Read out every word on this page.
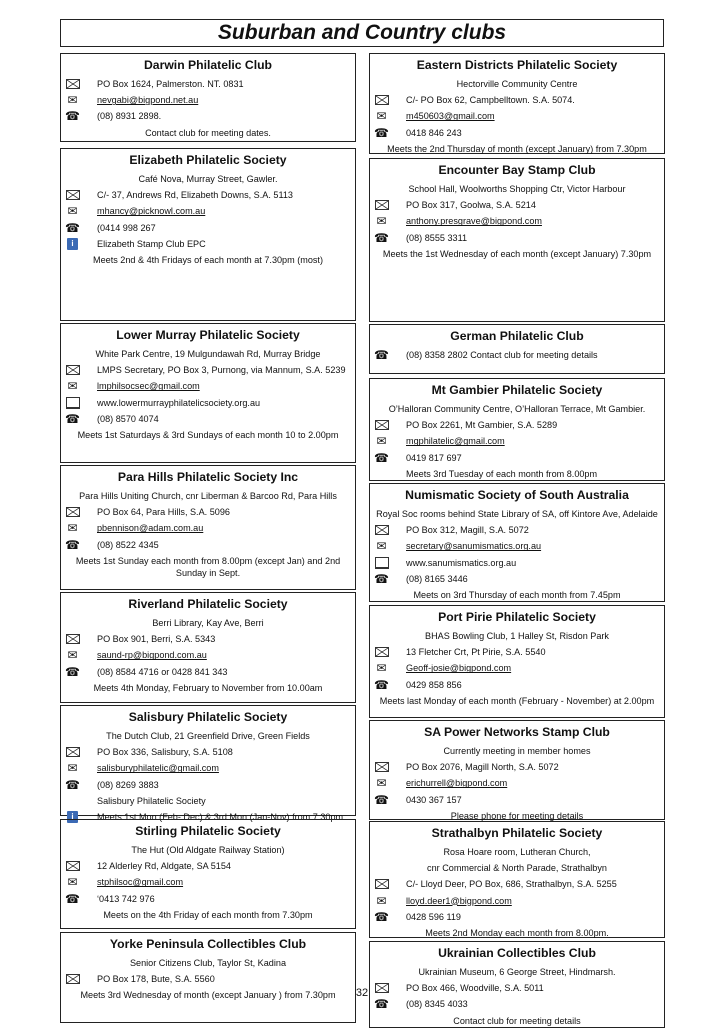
Suburban and Country clubs
Darwin Philatelic Club
PO Box 1624, Palmerston. NT. 0831
✉ nevgabi@bigpond.net.au
☎ (08) 8931 2898.
Contact club for meeting dates.
Elizabeth Philatelic Society
Café Nova, Murray Street, Gawler.
C/- 37, Andrews Rd, Elizabeth Downs, S.A. 5113
✉ mhancy@picknowl.com.au
☎ (0414 998 267
i	Elizabeth Stamp Club EPC
Meets 2nd & 4th Fridays of each month at 7.30pm (most)
Lower Murray Philatelic Society
White Park Centre, 19 Mulgundawah Rd, Murray Bridge
LMPS Secretary, PO Box 3, Purnong, via Mannum, S.A. 5239
✉ lmphilsocsec@gmail.com
www.lowermurrayphilatelicsociety.org.au
☎ (08) 8570 4074
Meets 1st Saturdays & 3rd Sundays of each month 10 to 2.00pm
Para Hills Philatelic Society Inc
Para Hills Uniting Church, cnr Liberman & Barcoo Rd, Para Hills
PO Box 64, Para Hills, S.A. 5096
✉ pbennison@adam.com.au
☎ (08) 8522 4345
Meets 1st Sunday each month from 8.00pm (except Jan) and 2nd Sunday in Sept.
Riverland Philatelic Society
Berri Library, Kay Ave, Berri
PO Box 901, Berri, S.A. 5343
✉ saund-rp@bigpond.com.au
☎ (08) 8584 4716 or 0428 841 343
Meets 4th Monday, February to November from 10.00am
Salisbury Philatelic Society
The Dutch Club, 21 Greenfield Drive, Green Fields
PO Box 336, Salisbury, S.A. 5108
✉ salisburyphilatelic@gmail.com
☎ (08) 8269 3883
Salisbury Philatelic Society
i	Meets 1st Mon (Feb- Dec) & 3rd Mon (Jan-Nov) from 7.30pm
Stirling Philatelic Society
The Hut (Old Aldgate Railway Station)
12 Alderley Rd, Aldgate, SA 5154
✉ stphilsoc@gmail.com
☎ ‘0413 742 976
Meets on the 4th Friday of each month from 7.30pm
Yorke Peninsula Collectibles Club
Senior Citizens Club, Taylor St, Kadina
PO Box 178, Bute, S.A. 5560
Meets 3rd Wednesday of month (except January ) from 7.30pm
Eastern Districts Philatelic Society
Hectorville Community Centre
C/- PO Box 62, Campbelltown. S.A. 5074.
✉ m450603@gmail.com
☎ 0418 846 243
Meets the 2nd Thursday of month (except January) from 7.30pm
Encounter Bay Stamp Club
School Hall, Woolworths Shopping Ctr, Victor Harbour
PO Box 317, Goolwa, S.A. 5214
✉ anthony.presgrave@bigpond.com
☎ (08) 8555 3311
Meets the 1st Wednesday of each month (except January) 7.30pm
German Philatelic Club
☎ (08) 8358 2802 Contact club for meeting details
Mt Gambier Philatelic Society
O’Halloran Community Centre, O’Halloran Terrace, Mt Gambier.
PO Box 2261, Mt Gambier, S.A. 5289
✉ mgphilatelic@gmail.com
☎ 0419 817 697
Meets 3rd Tuesday of each month from 8.00pm
Numismatic Society of South Australia
Royal Soc rooms behind State Library of SA, off Kintore Ave, Adelaide
PO Box 312, Magill, S.A. 5072
✉ secretary@sanumismatics.org.au
www.sanumismatics.org.au
☎ (08) 8165 3446
Meets on 3rd Thursday of each month from 7.45pm
Port Pirie Philatelic Society
BHAS Bowling Club, 1 Halley St, Risdon Park
13 Fletcher Crt, Pt Pirie, S.A. 5540
✉ Geoff-josie@bigpond.com
☎ 0429 858 856
Meets last Monday of each month (February - November) at 2.00pm
SA Power Networks Stamp Club
Currently meeting in member homes
PO Box 2076, Magill North, S.A. 5072
✉ erichurrell@bigpond.com
☎ 0430 367 157
Please phone for meeting details
Strathalbyn Philatelic Society
Rosa Hoare room, Lutheran Church,
cnr Commercial & North Parade, Strathalbyn
C/- Lloyd Deer, PO Box, 686, Strathalbyn, S.A. 5255
✉ lloyd.deer1@bigpond.com
☎ 0428 596 119
Meets 2nd Monday each month from 8.00pm.
Ukrainian Collectibles Club
Ukrainian Museum, 6 George Street, Hindmarsh.
PO Box 466, Woodville, S.A. 5011
☎ (08) 8345 4033
Contact club for meeting details
32
